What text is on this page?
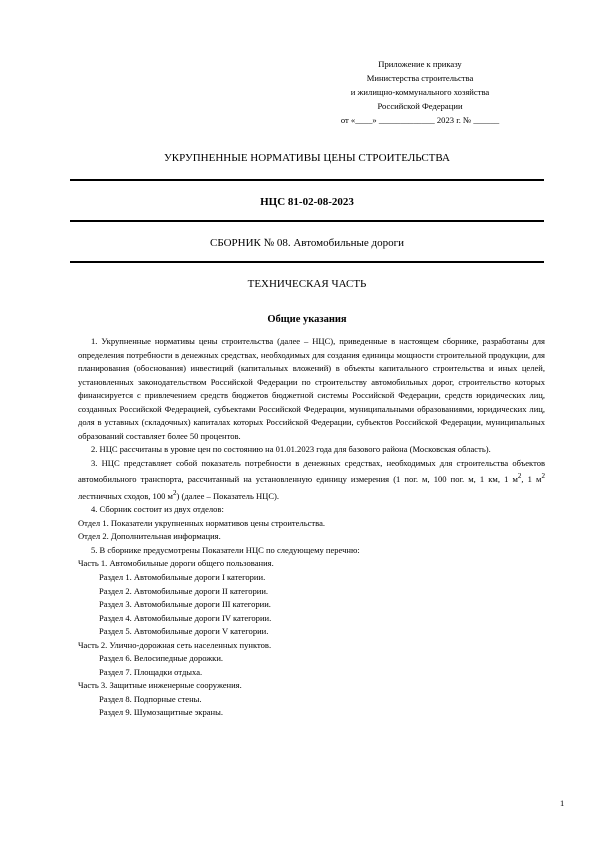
Приложение к приказу
Министерства строительства
и жилищно-коммунального хозяйства
Российской Федерации
от «____» _____________ 2023 г. № ______
УКРУПНЕННЫЕ НОРМАТИВЫ ЦЕНЫ СТРОИТЕЛЬСТВА
НЦС 81-02-08-2023
СБОРНИК № 08. Автомобильные дороги
ТЕХНИЧЕСКАЯ ЧАСТЬ
Общие указания

1. Укрупненные нормативы цены строительства (далее – НЦС), приведенные в настоящем сборнике, разработаны для определения потребности в денежных средствах, необходимых для создания единицы мощности строительной продукции, для планирования (обоснования) инвестиций (капитальных вложений) в объекты капитального строительства и иных целей, установленных законодательством Российской Федерации по строительству автомобильных дорог, строительство которых финансируется с привлечением средств бюджетов бюджетной системы Российской Федерации, средств юридических лиц, созданных Российской Федерацией, субъектами Российской Федерации, муниципальными образованиями, юридических лиц, доля в уставных (складочных) капиталах которых Российской Федерации, субъектов Российской Федерации, муниципальных образований составляет более 50 процентов.

2. НЦС рассчитаны в уровне цен по состоянию на 01.01.2023 года для базового района (Московская область).

3. НЦС представляет собой показатель потребности в денежных средствах, необходимых для строительства объектов автомобильного транспорта, рассчитанный на установленную единицу измерения (1 пог. м, 100 пог. м, 1 км, 1 $м^2$, 1 $м^2$ лестничных сходов, 100 $м^2$) (далее – Показатель НЦС).

4. Сборник состоит из двух отделов:

Отдел 1. Показатели укрупненных нормативов цены строительства.

Отдел 2. Дополнительная информация.

5. В сборнике предусмотрены Показатели НЦС по следующему перечню:

Часть 1. Автомобильные дороги общего пользования.

Раздел 1. Автомобильные дороги I категории.

Раздел 2. Автомобильные дороги II категории.

Раздел 3. Автомобильные дороги III категории.

Раздел 4. Автомобильные дороги IV категории.

Раздел 5. Автомобильные дороги V категории.

Часть 2. Улично-дорожная сеть населенных пунктов.

Раздел 6. Велосипедные дорожки.

Раздел 7. Площадки отдыха.

Часть 3. Защитные инженерные сооружения.

Раздел 8. Подпорные стены.

Раздел 9. Шумозащитные экраны.

1
